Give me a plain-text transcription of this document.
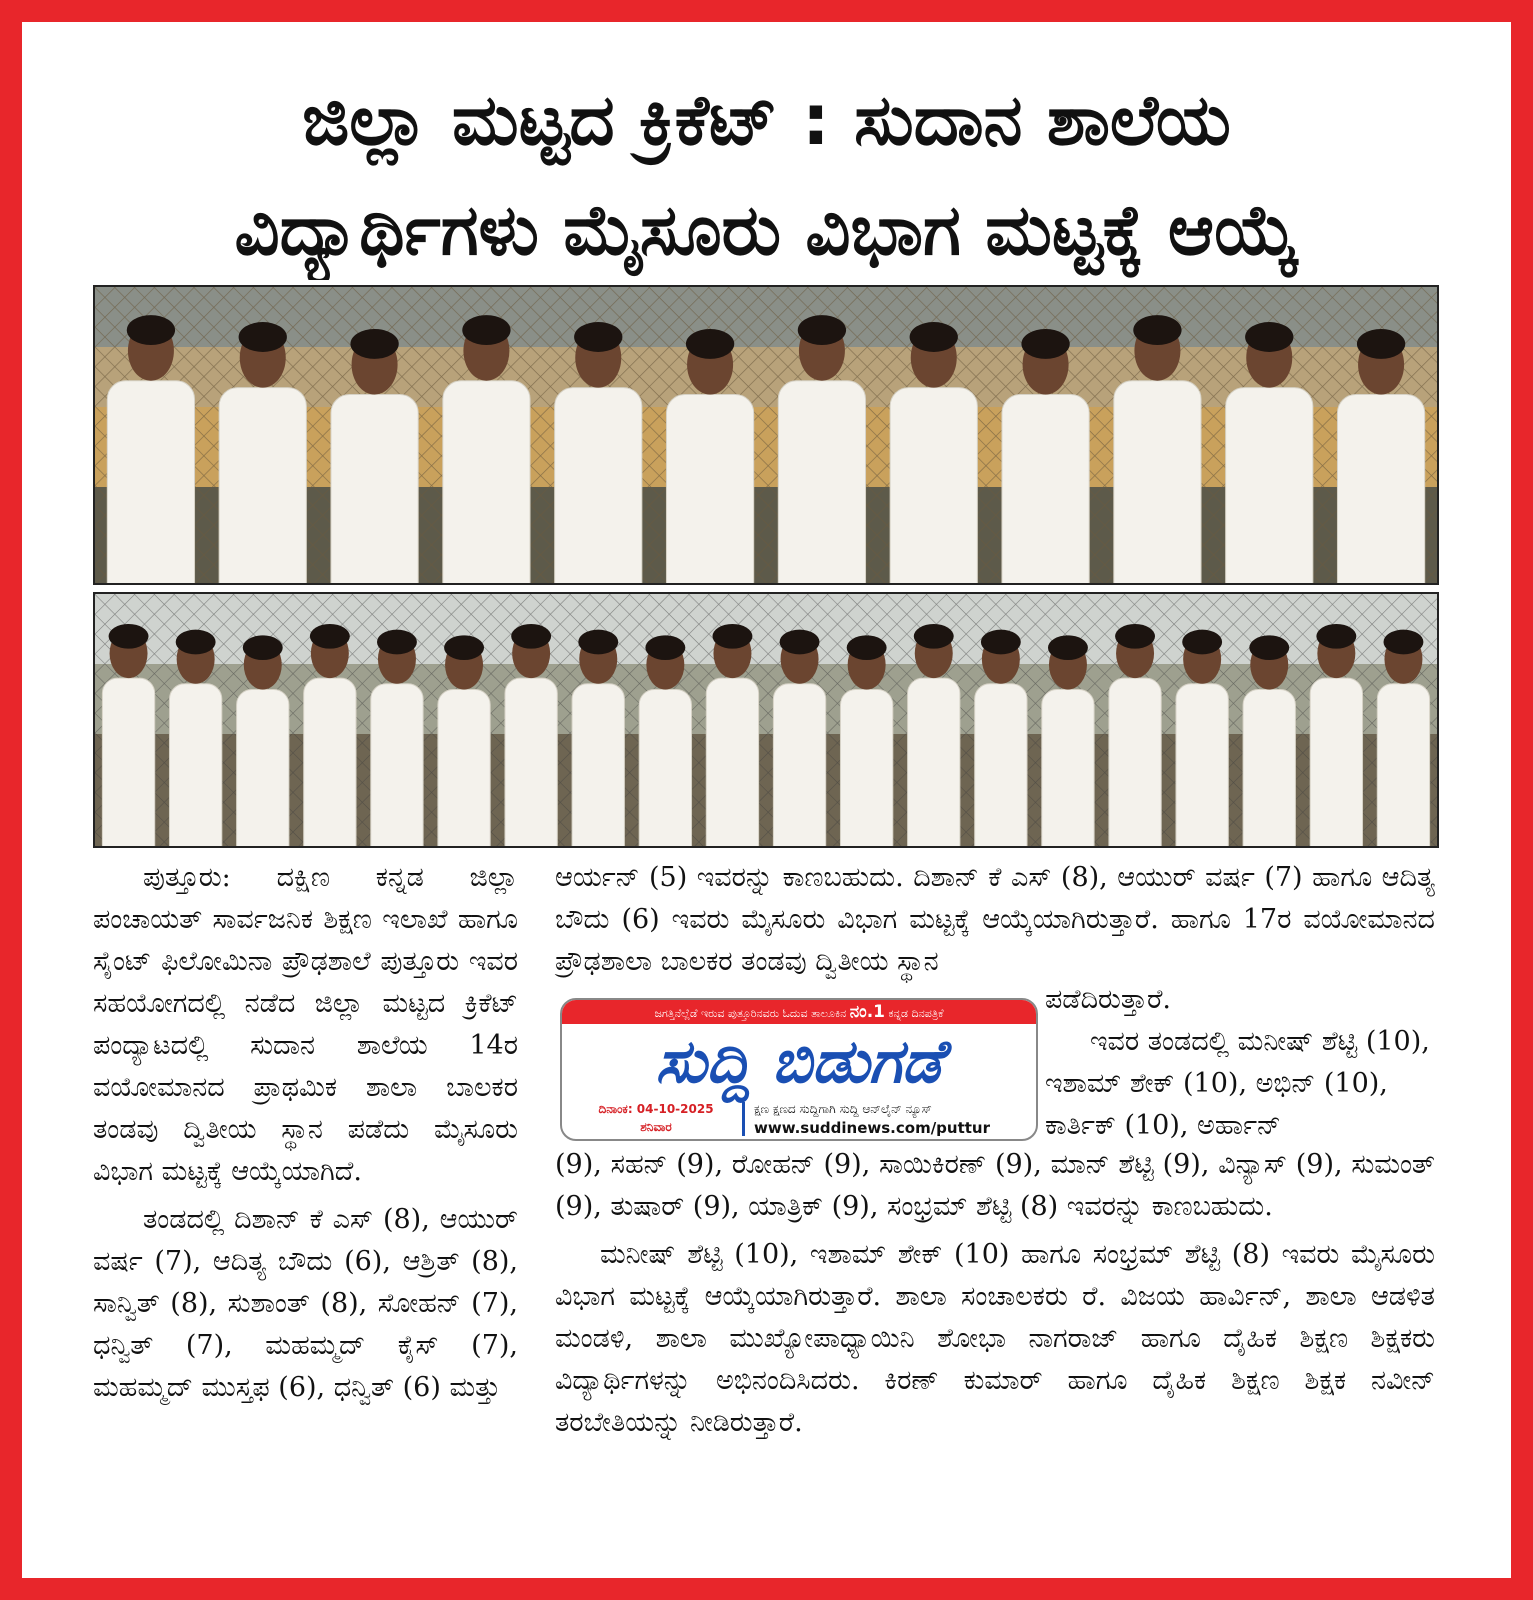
ಜಿಲ್ಲಾ ಮಟ್ಟದ ಕ್ರಿಕೆಟ್ : ಸುದಾನ ಶಾಲೆಯ
ವಿದ್ಯಾರ್ಥಿಗಳು ಮೈಸೂರು ವಿಭಾಗ ಮಟ್ಟಕ್ಕೆ ಆಯ್ಕೆ

ಪುತ್ತೂರು: ದಕ್ಷಿಣ ಕನ್ನಡ ಜಿಲ್ಲಾ ಪಂಚಾಯತ್ ಸಾರ್ವಜನಿಕ ಶಿಕ್ಷಣ ಇಲಾಖೆ ಹಾಗೂ ಸೈಂಟ್ ಫಿಲೋಮಿನಾ ಪ್ರೌಢಶಾಲೆ ಪುತ್ತೂರು ಇವರ ಸಹಯೋಗದಲ್ಲಿ ನಡೆದ ಜಿಲ್ಲಾ ಮಟ್ಟದ ಕ್ರಿಕೆಟ್ ಪಂದ್ಯಾಟದಲ್ಲಿ ಸುದಾನ ಶಾಲೆಯ 14ರ ವಯೋಮಾನದ ಪ್ರಾಥಮಿಕ ಶಾಲಾ ಬಾಲಕರ ತಂಡವು ದ್ವಿತೀಯ ಸ್ಥಾನ ಪಡೆದು ಮೈಸೂರು ವಿಭಾಗ ಮಟ್ಟಕ್ಕೆ ಆಯ್ಕೆಯಾಗಿದೆ.

ತಂಡದಲ್ಲಿ ದಿಶಾನ್ ಕೆ ಎಸ್ (8), ಆಯುರ್ ವರ್ಷ (7), ಆದಿತ್ಯ ಬೌದು (6), ಆಶ್ರಿತ್ (8), ಸಾನ್ವಿತ್ (8), ಸುಶಾಂತ್ (8), ಸೋಹನ್ (7), ಧನ್ವಿತ್ (7), ಮಹಮ್ಮದ್ ಕೈಸ್ (7), ಮಹಮ್ಮದ್ ಮುಸ್ತಫ (6), ಧನ್ವಿತ್ (6) ಮತ್ತು

ಆರ್ಯನ್ (5) ಇವರನ್ನು ಕಾಣಬಹುದು. ದಿಶಾನ್ ಕೆ ಎಸ್ (8), ಆಯುರ್ ವರ್ಷ (7) ಹಾಗೂ ಆದಿತ್ಯ ಬೌದು (6) ಇವರು ಮೈಸೂರು ವಿಭಾಗ ಮಟ್ಟಕ್ಕೆ ಆಯ್ಕೆಯಾಗಿರುತ್ತಾರೆ. ಹಾಗೂ 17ರ ವಯೋಮಾನದ ಪ್ರೌಢಶಾಲಾ ಬಾಲಕರ ತಂಡವು ದ್ವಿತೀಯ ಸ್ಥಾನ
ಪಡೆದಿರುತ್ತಾರೆ.
ಇವರ ತಂಡದಲ್ಲಿ ಮನೀಷ್ ಶೆಟ್ಟಿ (10), ಇಶಾಮ್ ಶೇಕ್ (10), ಅಭಿನ್ (10), ಕಾರ್ತಿಕ್ (10), ಅರ್ಹಾನ್

(9), ಸಹನ್ (9), ರೋಹನ್ (9), ಸಾಯಿಕಿರಣ್ (9), ಮಾನ್ ಶೆಟ್ಟಿ (9), ವಿನ್ಯಾಸ್ (9), ಸುಮಂತ್ (9), ತುಷಾರ್ (9), ಯಾತ್ರಿಕ್ (9), ಸಂಭ್ರಮ್ ಶೆಟ್ಟಿ (8) ಇವರನ್ನು ಕಾಣಬಹುದು.

ಮನೀಷ್ ಶೆಟ್ಟಿ (10), ಇಶಾಮ್ ಶೇಕ್ (10) ಹಾಗೂ ಸಂಭ್ರಮ್ ಶೆಟ್ಟಿ (8) ಇವರು ಮೈಸೂರು ವಿಭಾಗ ಮಟ್ಟಕ್ಕೆ ಆಯ್ಕೆಯಾಗಿರುತ್ತಾರೆ. ಶಾಲಾ ಸಂಚಾಲಕರು ರೆ. ವಿಜಯ ಹಾರ್ವಿನ್, ಶಾಲಾ ಆಡಳಿತ ಮಂಡಳಿ, ಶಾಲಾ ಮುಖ್ಯೋಪಾಧ್ಯಾಯಿನಿ ಶೋಭಾ ನಾಗರಾಜ್ ಹಾಗೂ ದೈಹಿಕ ಶಿಕ್ಷಣ ಶಿಕ್ಷಕರು ವಿದ್ಯಾರ್ಥಿಗಳನ್ನು ಅಭಿನಂದಿಸಿದರು. ಕಿರಣ್ ಕುಮಾರ್ ಹಾಗೂ ದೈಹಿಕ ಶಿಕ್ಷಣ ಶಿಕ್ಷಕ ನವೀನ್ ತರಬೇತಿಯನ್ನು ನೀಡಿರುತ್ತಾರೆ.

ಜಗತ್ತಿನೆಲ್ಲೆಡೆ ಇರುವ ಪುತ್ತೂರಿನವರು ಓದುವ ತಾಲೂಕಿನ ನಂ.1 ಕನ್ನಡ ದಿನಪತ್ರಿಕೆ
ಸುದ್ದಿ ಬಿಡುಗಡೆ
ದಿನಾಂಕ: 04-10-2025
ಶನಿವಾರ
ಕ್ಷಣ ಕ್ಷಣದ ಸುದ್ದಿಗಾಗಿ ಸುದ್ದಿ ಆನ್‌ಲೈನ್ ನ್ಯೂಸ್
www.suddinews.com/puttur
